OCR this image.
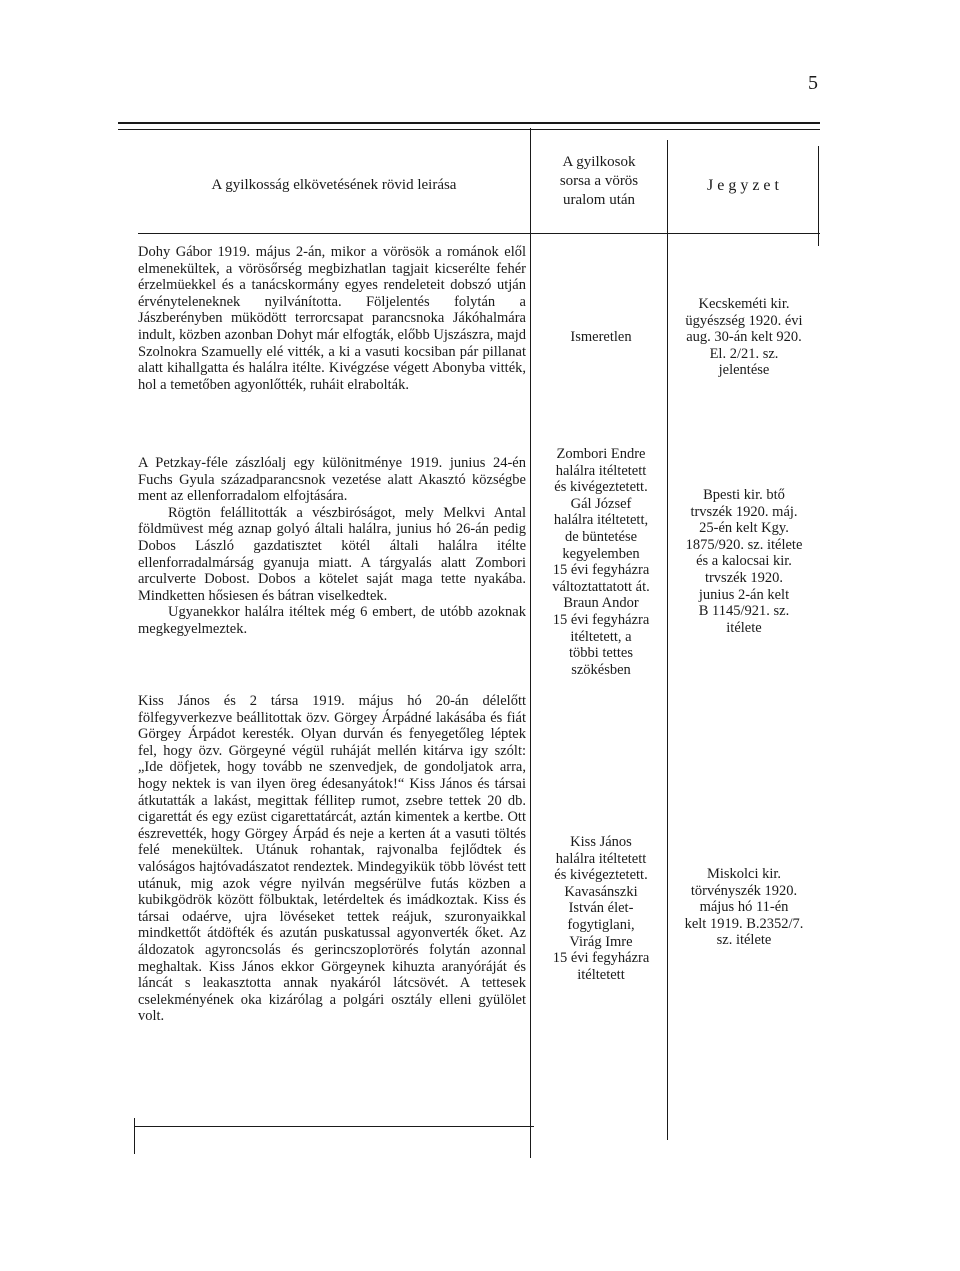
5
A gyilkosság elkövetésének rövid leirása
A gyilkosok
sorsa a vörös
uralom után
J e g y z e t

Dohy Gábor 1919. május 2-án, mikor a vörösök a románok elől elmenekültek, a vörösőrség megbizhatlan tagjait kicserélte fehér érzelmüekkel és a tanácskormány egyes rendeleteit dobszó utján érvényteleneknek nyilvánította. Följelentés folytán a Jászberényben müködött terrorcsapat parancsnoka Jákóhalmára indult, közben azonban Dohyt már elfogták, előbb Ujszászra, majd Szolnokra Szamuelly elé vitték, a ki a vasuti kocsiban pár pillanat alatt kihallgatta és halálra itélte. Kivégzése végett Abonyba vitték, hol a temetőben agyonlőtték, ruháit elrabolták.

Ismeretlen

Kecskeméti kir.

ügyészség 1920. évi

aug. 30-án kelt 920.

El. 2/21. sz.

jelentése

A Petzkay-féle zászlóalj egy különitménye 1919. junius 24-én Fuchs Gyula századparancsnok vezetése alatt Akasztó községbe ment az ellenforradalom elfojtására.

Rögtön felállitották a vészbiróságot, mely Melkvi Antal földmüvest még aznap golyó általi halálra, junius hó 26-án pedig Dobos László gazdatisztet kötél általi halálra itélte ellenforradalmárság gyanuja miatt. A tárgyalás alatt Zombori arculverte Dobost. Dobos a kötelet saját maga tette nyakába. Mindketten hősiesen és bátran viselkedtek.

Ugyanekkor halálra itéltek még 6 embert, de utóbb azoknak megkegyelmeztek.

Zombori Endre

halálra itéltetett

és kivégeztetett.

Gál József

halálra itéltetett,

de büntetése

kegyelemben

15 évi fegyházra

változtattatott át.

Braun Andor

15 évi fegyházra

itéltetett, a

többi tettes

szökésben

Bpesti kir. btő

trvszék 1920. máj.

25-én kelt Kgy.

1875/920. sz. itélete

és a kalocsai kir.

trvszék 1920.

junius 2-án kelt

B 1145/921. sz.

itélete

Kiss János és 2 társa 1919. május hó 20-án délelőtt fölfegyverkezve beállitottak özv. Görgey Árpádné lakásába és fiát Görgey Árpádot keresték. Olyan durván és fenyegetőleg léptek fel, hogy özv. Görgeyné végül ruháját mellén kitárva igy szólt: „Ide döfjetek, hogy tovább ne szenvedjek, de gondoljatok arra, hogy nektek is van ilyen öreg édesanyátok!“ Kiss János és társai átkutatták a lakást, megittak féllitер rumot, zsebre tettek 20 db. cigarettát és egy ezüst cigarettatárcát, aztán kimentek a kertbe. Ott észrevették, hogy Görgey Árpád és neje a kerten át a vasuti töltés felé menekültek. Utánuk rohantak, rajvonalba fejlődtek és valóságos hajtóvadászatot rendeztek. Mindegyikük több lövést tett utánuk, mig azok végre nyilván megsérülve futás közben a kubikgödrök között fölbuktak, letérdeltek és imádkoztak. Kiss és társai odaérve, ujra lövéseket tettek reájuk, szuronyaikkal mindkettőt átdöfték és azután puskatussal agyonverték őket. Az áldozatok agyroncsolás és gerincszoplотörés folytán azonnal meghaltak. Kiss János ekkor Görgeynek kihuzta aranyóráját és láncát s leakasztotta annak nyakáról látcsövét. A tettesek cselekményének oka kizárólag a polgári osztály elleni gyülölet volt.

Kiss János

halálra itéltetett

és kivégeztetett.

Kavasánszki

István élet-

fogytiglani,

Virág Imre

15 évi fegyházra

itéltetett

Miskolci kir.

törvényszék 1920.

május hó 11-én

kelt 1919. B.2352/7.

sz. itélete
